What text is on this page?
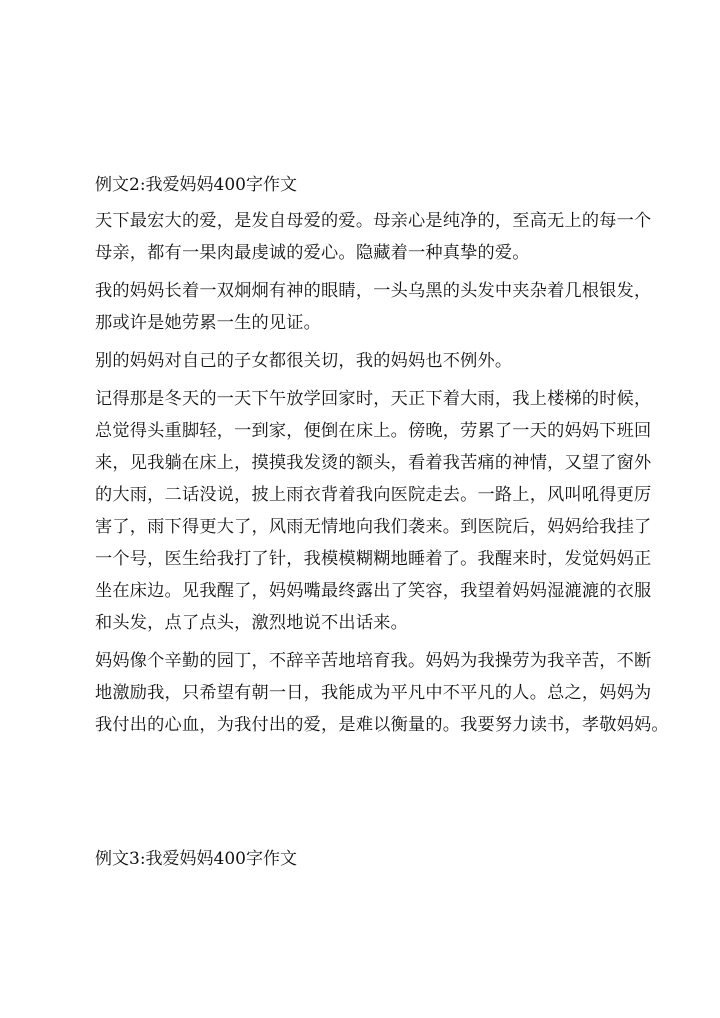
例文2:我爱妈妈400字作文

天下最宏大的爱，是发自母爱的爱。母亲心是纯净的，至高无上的每一个
母亲，都有一果肉最虔诚的爱心。隐藏着一种真挚的爱。

我的妈妈长着一双炯炯有神的眼睛，一头乌黑的头发中夹杂着几根银发，
那或许是她劳累一生的见证。

别的妈妈对自己的子女都很关切，我的妈妈也不例外。

记得那是冬天的一天下午放学回家时，天正下着大雨，我上楼梯的时候，
总觉得头重脚轻，一到家，便倒在床上。傍晚，劳累了一天的妈妈下班回
来，见我躺在床上，摸摸我发烫的额头，看着我苦痛的神情，又望了窗外
的大雨，二话没说，披上雨衣背着我向医院走去。一路上，风叫吼得更厉
害了，雨下得更大了，风雨无情地向我们袭来。到医院后，妈妈给我挂了
一个号，医生给我打了针，我模模糊糊地睡着了。我醒来时，发觉妈妈正
坐在床边。见我醒了，妈妈嘴最终露出了笑容，我望着妈妈湿漉漉的衣服
和头发，点了点头，激烈地说不出话来。

妈妈像个辛勤的园丁，不辞辛苦地培育我。妈妈为我操劳为我辛苦，不断
地激励我，只希望有朝一日，我能成为平凡中不平凡的人。总之，妈妈为
我付出的心血，为我付出的爱，是难以衡量的。我要努力读书，孝敬妈妈。

例文3:我爱妈妈400字作文
